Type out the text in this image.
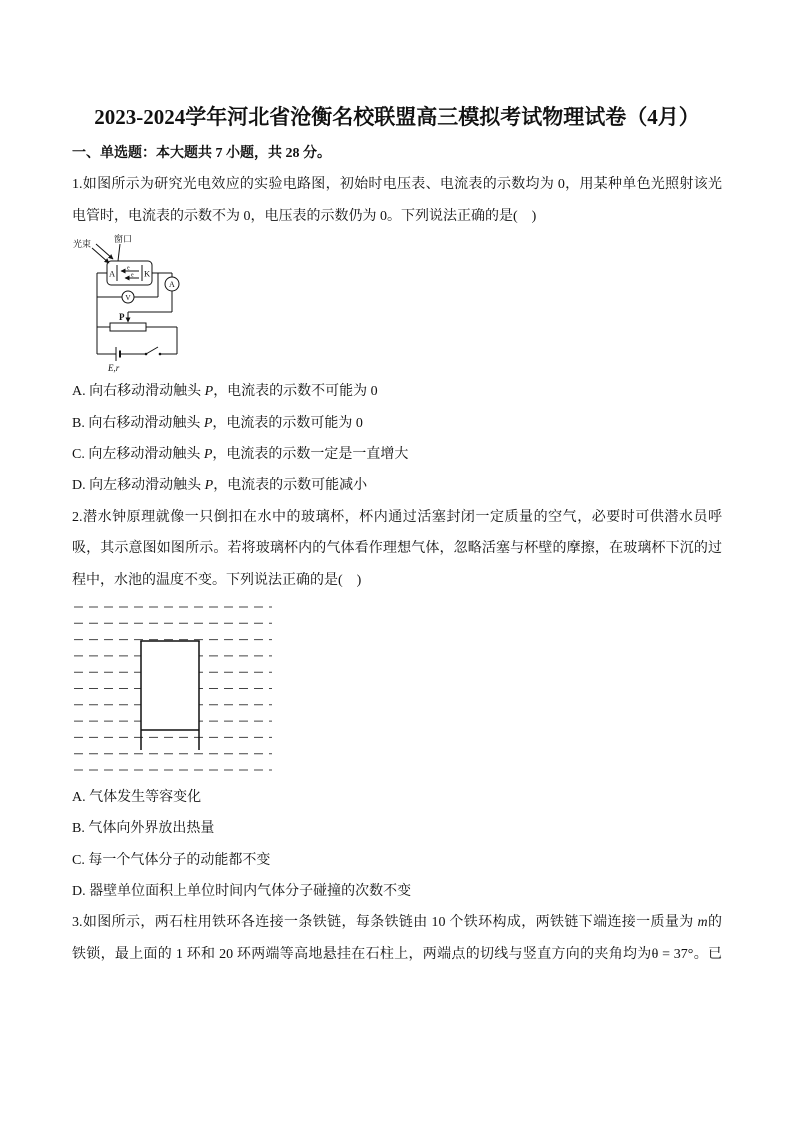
2023-2024学年河北省沧衡名校联盟高三模拟考试物理试卷（4月）
一、单选题：本大题共 7 小题，共 28 分。
1.如图所示为研究光电效应的实验电路图，初始时电压表、电流表的示数均为 0，用某种单色光照射该光
电管时，电流表的示数不为 0，电压表的示数仍为 0。下列说法正确的是(　)
光束	窗口
A	K
e
e
A
V
P
E,r
A. 向右移动滑动触头 P，电流表的示数不可能为 0
B. 向右移动滑动触头 P，电流表的示数可能为 0
C. 向左移动滑动触头 P，电流表的示数一定是一直增大
D. 向左移动滑动触头 P，电流表的示数可能减小
2.潜水钟原理就像一只倒扣在水中的玻璃杯，杯内通过活塞封闭一定质量的空气，必要时可供潜水员呼
吸，其示意图如图所示。若将玻璃杯内的气体看作理想气体，忽略活塞与杯壁的摩擦，在玻璃杯下沉的过
程中，水池的温度不变。下列说法正确的是(　)
A. 气体发生等容变化
B. 气体向外界放出热量
C. 每一个气体分子的动能都不变
D. 器壁单位面积上单位时间内气体分子碰撞的次数不变
3.如图所示，两石柱用铁环各连接一条铁链，每条铁链由 10 个铁环构成，两铁链下端连接一质量为 m的
铁锁，最上面的 1 环和 20 环两端等高地悬挂在石柱上，两端点的切线与竖直方向的夹角均为θ = 37°。已
